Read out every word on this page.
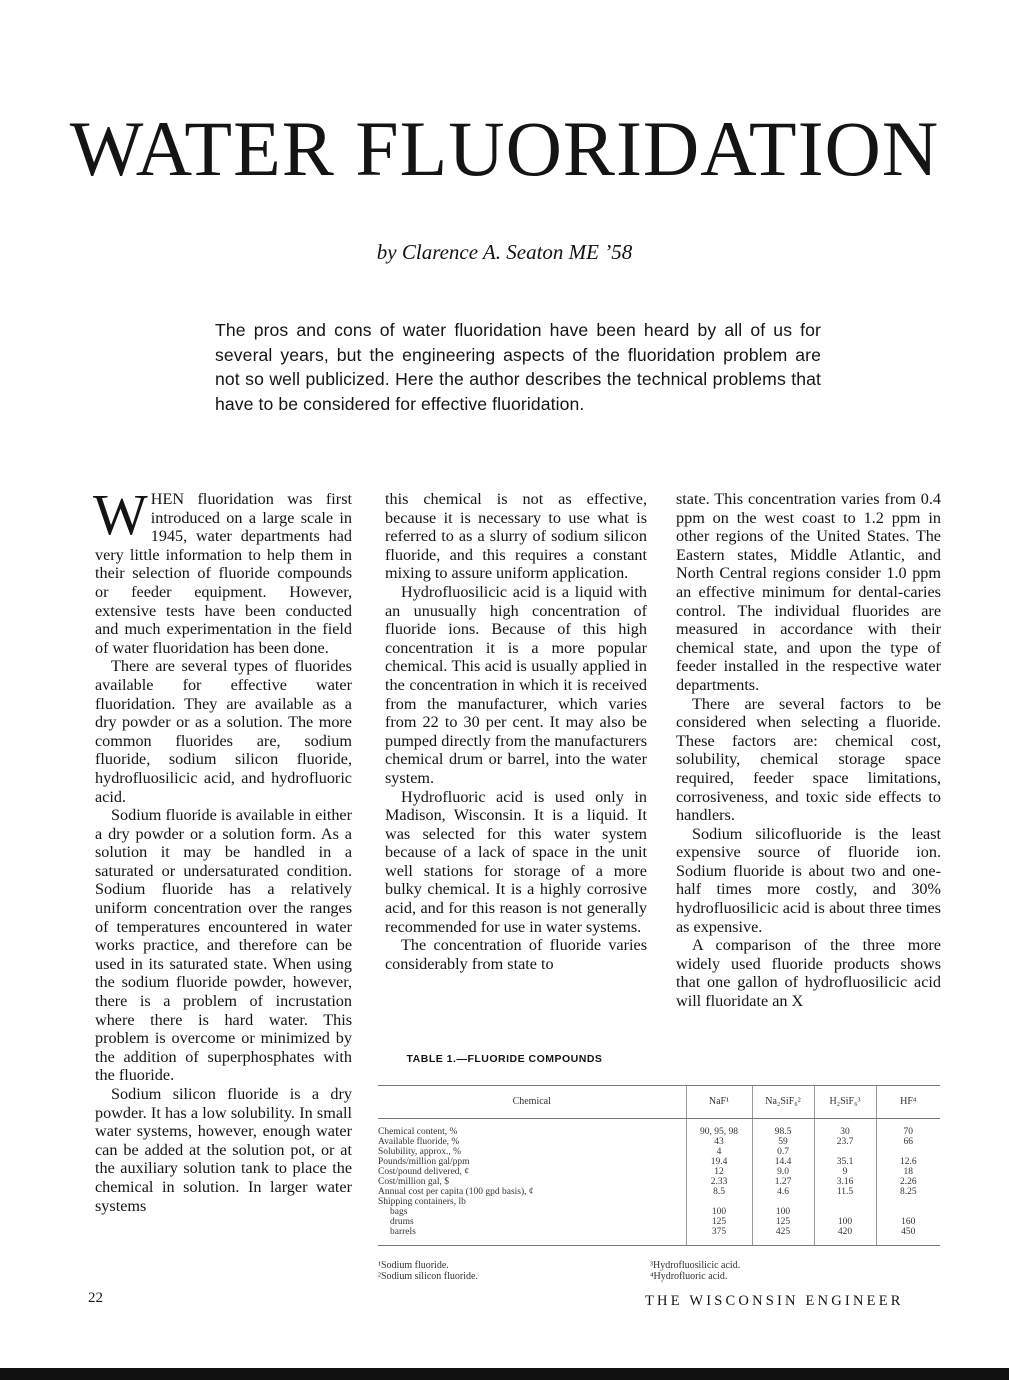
WATER FLUORIDATION
by Clarence A. Seaton ME ’58

The pros and cons of water fluoridation have been heard by all of us for several years, but the engineering aspects of the fluoridation problem are not so well publicized. Here the author describes the technical problems that have to be considered for effective fluoridation.

WHEN fluoridation was first introduced on a large scale in 1945, water departments had very little information to help them in their selection of fluoride compounds or feeder equipment. However, extensive tests have been conducted and much experimentation in the field of water fluoridation has been done.

There are several types of fluorides available for effective water fluoridation. They are available as a dry powder or as a solution. The more common fluorides are, sodium fluoride, sodium silicon fluoride, hydrofluosilicic acid, and hydrofluoric acid.

Sodium fluoride is available in either a dry powder or a solution form. As a solution it may be handled in a saturated or undersaturated condition. Sodium fluoride has a relatively uniform concentration over the ranges of temperatures encountered in water works practice, and therefore can be used in its saturated state. When using the sodium fluoride powder, however, there is a problem of incrustation where there is hard water. This problem is overcome or minimized by the addition of superphosphates with the fluoride.

Sodium silicon fluoride is a dry powder. It has a low solubility. In small water systems, however, enough water can be added at the solution pot, or at the auxiliary solution tank to place the chemical in solution. In larger water systems

this chemical is not as effective, because it is necessary to use what is referred to as a slurry of sodium silicon fluoride, and this requires a constant mixing to assure uniform application.

Hydrofluosilicic acid is a liquid with an unusually high concentration of fluoride ions. Because of this high concentration it is a more popular chemical. This acid is usually applied in the concentration in which it is received from the manufacturer, which varies from 22 to 30 per cent. It may also be pumped directly from the manufacturers chemical drum or barrel, into the water system.

Hydrofluoric acid is used only in Madison, Wisconsin. It is a liquid. It was selected for this water system because of a lack of space in the unit well stations for storage of a more bulky chemical. It is a highly corrosive acid, and for this reason is not generally recommended for use in water systems.

The concentration of fluoride varies considerably from state to

state. This concentration varies from 0.4 ppm on the west coast to 1.2 ppm in other regions of the United States. The Eastern states, Middle Atlantic, and North Central regions consider 1.0 ppm an effective minimum for dental-caries control. The individual fluorides are measured in accordance with their chemical state, and upon the type of feeder installed in the respective water departments.

There are several factors to be considered when selecting a fluoride. These factors are: chemical cost, solubility, chemical storage space required, feeder space limitations, corrosiveness, and toxic side effects to handlers.

Sodium silicofluoride is the least expensive source of fluoride ion. Sodium fluoride is about two and one-half times more costly, and 30% hydrofluosilicic acid is about three times as expensive.

A comparison of the three more widely used fluoride products shows that one gallon of hydrofluosilicic acid will fluoridate an X

TABLE 1.—FLUORIDE COMPOUNDS
Chemical	NaF¹	Na₂SiF₆²	H₂SiF₆³	HF⁴

Chemical content, %	90, 95, 98	98.5	30	70
Available fluoride, %	43	59	23.7	66
Solubility, approx., %	4	0.7		
Pounds/million gal/ppm	19.4	14.4	35.1	12.6
Cost/pound delivered, ¢	12	9.0	9	18
Cost/million gal, $	2.33	1.27	3.16	2.26
Annual cost per capita (100 gpd basis), ¢	8.5	4.6	11.5	8.25
Shipping containers, lb				
bags	100	100		
drums	125	125	100	160
barrels	375	425	420	450
¹Sodium fluoride.
²Sodium silicon fluoride.
³Hydrofluosilicic acid.
⁴Hydrofluoric acid.
22	THE WISCONSIN ENGINEER
